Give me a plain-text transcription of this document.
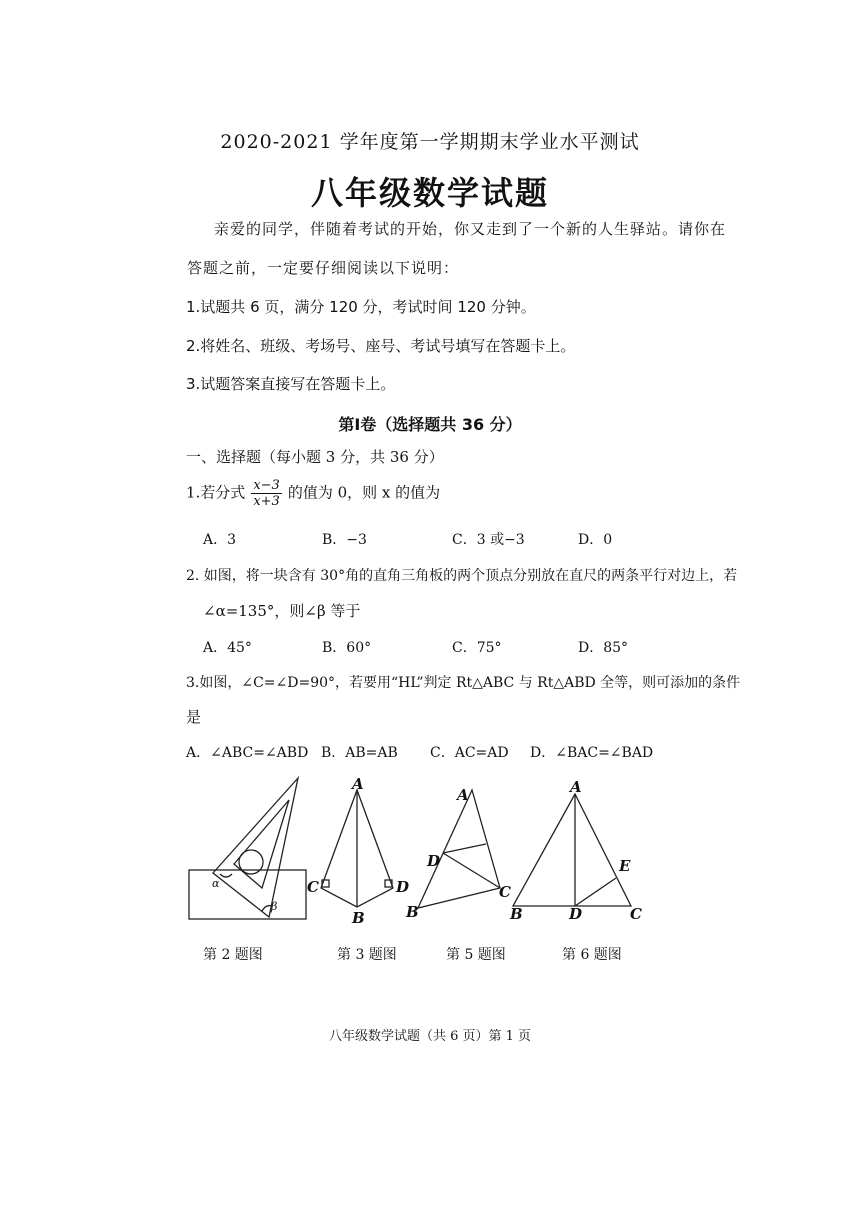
2020-2021 学年度第一学期期末学业水平测试
八年级数学试题
亲爱的同学，伴随着考试的开始，你又走到了一个新的人生驿站。请你在
答题之前，一定要仔细阅读以下说明：
1.试题共 6 页，满分 120 分，考试时间 120 分钟。
2.将姓名、班级、考场号、座号、考试号填写在答题卡上。
3.试题答案直接写在答题卡上。
第Ⅰ卷（选择题共 36 分）
一、选择题（每小题 3 分，共 36 分）
1.若分式 $\frac{x-3}{x+3}$ 的值为 0，则 x 的值为
A．3	B．−3	C．3 或−3	D．0
2. 如图，将一块含有 30°角的直角三角板的两个顶点分别放在直尺的两条平行对边上，若
∠α=135°，则∠β 等于
A．45°	B．60°	C．75°	D．85°
3.如图，∠C=∠D=90°，若要用“HL”判定 Rt△ABC 与 Rt△ABD 全等，则可添加的条件
是
A．∠ABC=∠ABD B．AB=AB C．AC=AD D．∠BAC=∠BAD
α
β
A
C	D
B
A
D
C
B
A
E
B	D	C
第 2 题图	第 3 题图	第 5 题图	第 6 题图
八年级数学试题（共 6 页）第 1 页
